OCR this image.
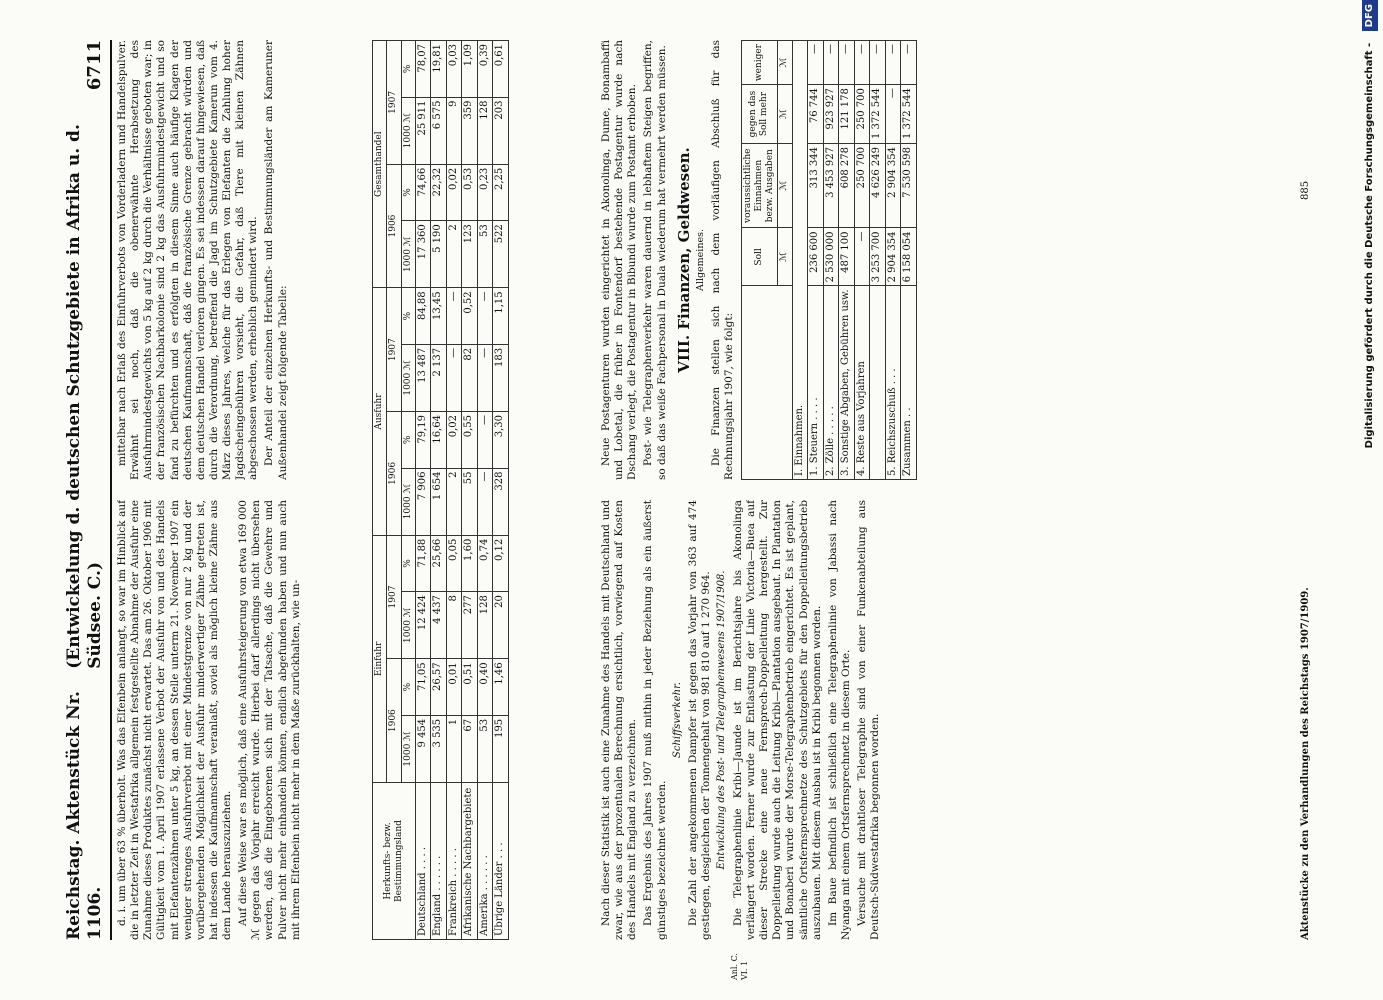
Reichstag. Aktenstück Nr. 1106.
(Entwickelung d. deutschen Schutzgebiete in Afrika u. d. Südsee. C.)
6711

d. i. um über 63 % überholt. Was das Elfenbein anlangt, so war im Hinblick auf die in letzter Zeit in Westafrika allgemein festgestellte Abnahme der Ausfuhr eine Zunahme dieses Produktes zunächst nicht erwartet. Das am 26. Oktober 1906 mit Gültigkeit vom 1. April 1907 erlassene Verbot der Ausfuhr von und des Handels mit Elefantenzähnen unter 5 kg, an dessen Stelle unterm 21. November 1907 ein weniger strenges Ausfuhrverbot mit einer Mindestgrenze von nur 2 kg und der vorübergehenden Möglichkeit der Ausfuhr minderwertiger Zähne getreten ist, hat indessen die Kaufmannschaft veranlaßt, soviel als möglich kleine Zähne aus dem Lande herauszuziehen. Auf diese Weise war es möglich, daß eine Ausfuhrsteigerung von etwa 169 000 ℳ gegen das Vorjahr erreicht wurde. Hierbei darf allerdings nicht übersehen werden, daß die Eingeborenen sich mit der Tatsache, daß die Gewehre und Pulver nicht mehr einhandeln können, endlich abgefunden haben und nun auch mit ihrem Elfenbein nicht mehr in dem Maße zurückhalten, wie un-

mittelbar nach Erlaß des Einfuhrverbots von Vorderladern und Handelspulver. Erwähnt sei noch, daß die obenerwähnte Herabsetzung des Ausfuhrmindestgewichts von 5 kg auf 2 kg durch die Verhältnisse geboten war; in der französischen Nachbarkolonie sind 2 kg das Ausfuhrmindestgewicht und so fand zu befürchten und es erfolgten in diesem Sinne auch häufige Klagen der deutschen Kaufmannschaft, daß die französische Grenze gebracht würden und dem deutschen Handel verloren gingen. Es sei indessen darauf hingewiesen, daß durch die Verordnung, betreffend die Jagd im Schutzgebiete Kamerun vom 4. März dieses Jahres, welche für das Erlegen von Elefanten die Zahlung hoher Jagdscheingebühren vorsieht, die Gefahr, daß Tiere mit kleinen Zähnen abgeschossen werden, erheblich gemindert wird. Der Anteil der einzelnen Herkunfts- und Bestimmungsländer am Kameruner Außenhandel zeigt folgende Tabelle:

Herkunfts- bezw. Bestimmungsland	Einfuhr				Ausfuhr				Gesamthandel			
	1906		1907		1906		1907		1906		1907	
	1000 ℳ	%	1000 ℳ	%	1000 ℳ	%	1000 ℳ	%	1000 ℳ	%	1000 ℳ	%
Deutschland . . . .	9 454	71,05	12 424	71,88	7 906	79,19	13 487	84,88	17 360	74,66	25 911	78,07
England . . . . . .	3 535	26,57	4 437	25,66	1 654	16,64	2 137	13,45	5 190	22,32	6 575	19,81
Frankreich . . . . .	1	0,01	8	0,05	2	0,02	—	—	2	0,02	9	0,03
Afrikanische Nachbargebiete	67	0,51	277	1,60	55	0,55	82	0,52	123	0,53	359	1,09
Amerika . . . . . .	53	0,40	128	0,74	—	—	—	—	53	0,23	128	0,39
Übrige Länder . . .	195	1,46	20	0,12	328	3,30	183	1,15	522	2,25	203	0,61

Nach dieser Statistik ist auch eine Zunahme des Handels mit Deutschland und zwar, wie aus der prozentualen Berechnung ersichtlich, vorwiegend auf Kosten des Handels mit England zu verzeichnen. Das Ergebnis des Jahres 1907 muß mithin in jeder Beziehung als ein äußerst günstiges bezeichnet werden.

Schiffsverkehr. Die Zahl der angekommenen Dampfer ist gegen das Vorjahr von 363 auf 474 gestiegen, desgleichen der Tonnengehalt von 981 810 auf 1 270 964. Entwicklung des Post- und Telegraphenwesens 1907/1908. Die Telegraphenlinie Kribi—Jaunde ist im Berichtsjahre bis Akonolinga verlängert worden. Ferner wurde zur Entlastung der Linie Victoria—Buea auf dieser Strecke eine neue Fernsprech-Doppelleitung hergestellt. Zur Doppelleitung wurde auch die Leitung Kribi—Plantation ausgebaut. In Plantation und Bonaberi wurde der Morse-Telegraphenbetrieb eingerichtet. Es ist geplant, sämtliche Ortsfernsprechnetze des Schutzgebiets für den Doppelleitungsbetrieb auszubauen. Mit diesem Ausbau ist in Kribi begonnen worden. Im Baue befindlich ist schließlich eine Telegraphenlinie von Jabassi nach Nyanga mit einem Ortsfernsprechnetz in diesem Orte. Versuche mit drahtloser Telegraphie sind von einer Funkenabteilung aus Deutsch-Südwestafrika begonnen worden.

Anl. C. VI. 1

Neue Postagenturen wurden eingerichtet in Akonolinga, Dume, Bonambaffi und Lobetal, die früher in Fontendorf bestehende Postagentur wurde nach Dschang verlegt, die Postagentur in Bibundi wurde zum Postamt erhoben. Post- wie Telegraphenverkehr waren dauernd in lebhaftem Steigen begriffen, so daß das weiße Fachpersonal in Duala wiederum hat vermehrt werden müssen. VIII. Finanzen, Geldwesen. Allgemeines. Die Finanzen stellen sich nach dem vorläufigen Abschluß für das Rechnungsjahr 1907, wie folgt:

	Soll	voraussichtliche Einnahmen bezw. Ausgaben	gegen das Soll mehr	weniger
	ℳ	ℳ	ℳ	ℳ
I. Einnahmen.				
1. Steuern . . . .	236 600	313 344	76 744	—
2. Zölle . . . . .	2 530 000	3 453 927	923 927	—
3. Sonstige Abgaben, Gebühren usw.	487 100	608 278	121 178	—
4. Reste aus Vorjahren	—	250 700	250 700	—
	3 253 700	4 626 249	1 372 544	—
5. Reichszuschuß . . .	2 904 354	2 904 354	—	—
Zusammen . .	6 158 054	7 530 598	1 372 544	—
Aktenstücke zu den Verhandlungen des Reichstags 1907/1909.
885	Digitalisierung gefördert durch die Deutsche Forschungsgemeinschaft - DFG
